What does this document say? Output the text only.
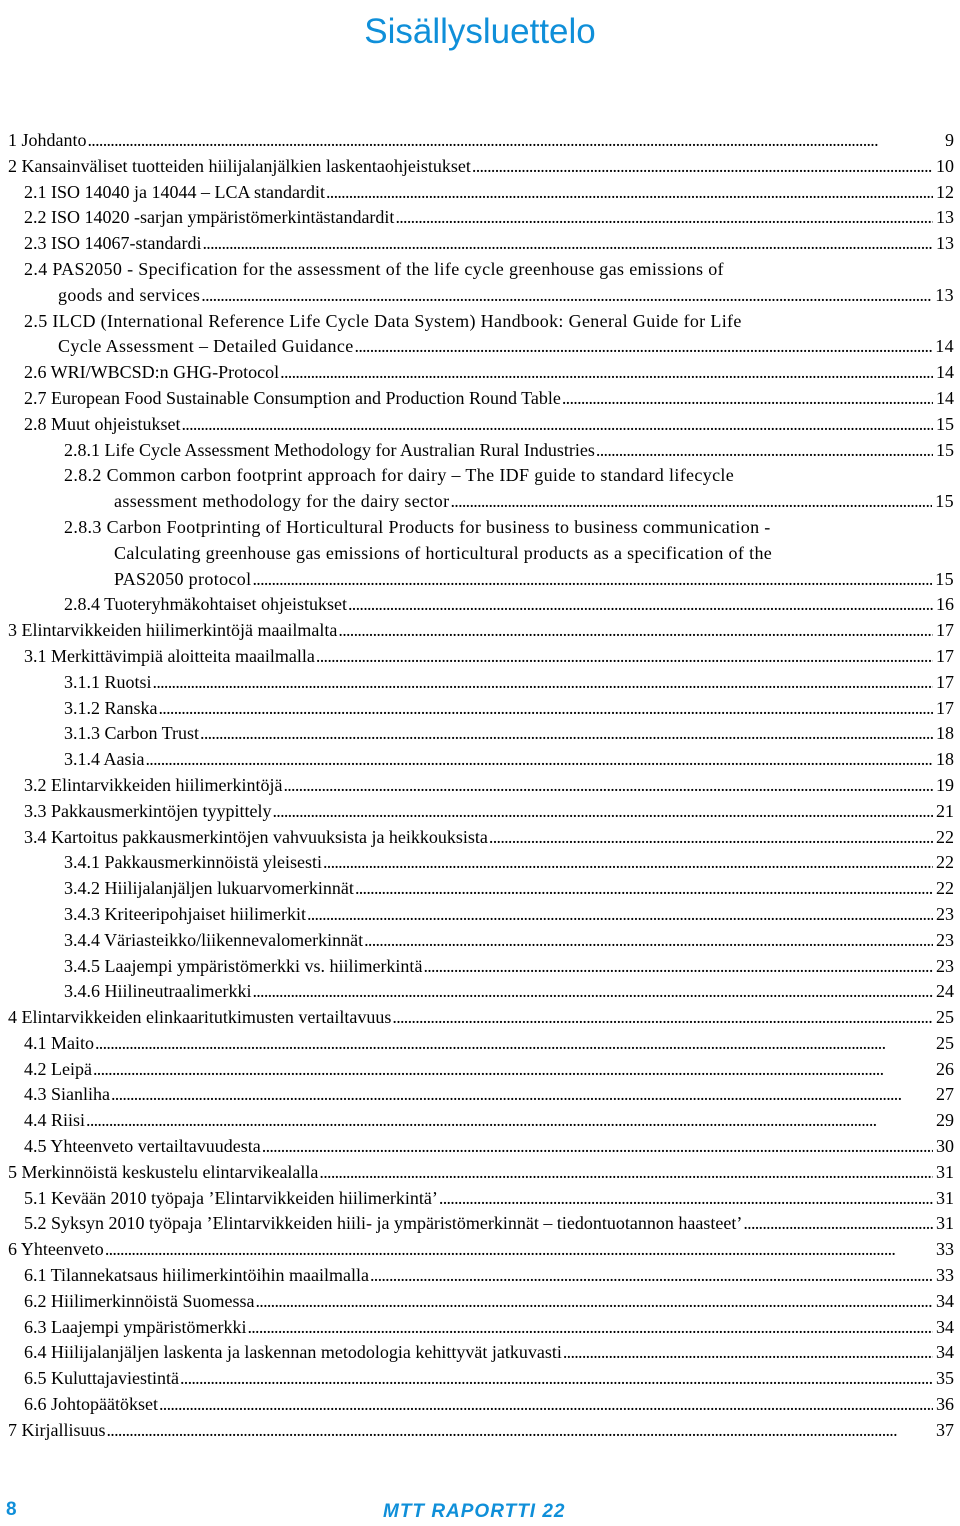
Sisällysluettelo
1 Johdanto . . .	9
2 Kansainväliset tuotteiden hiilijalanjälkien laskentaohjeistukset . . .	10
2.1 ISO 14040 ja 14044 – LCA standardit . . .	12
2.2 ISO 14020 -sarjan ympäristömerkintästandardit . . .	13
2.3 ISO 14067-standardi . . .	13
2.4 PAS2050 - Specification for the assessment of the life cycle greenhouse gas emissions of
goods and services . . .	13
2.5 ILCD (International Reference Life Cycle Data System) Handbook: General Guide for Life
Cycle Assessment – Detailed Guidance . . .	14
2.6 WRI/WBCSD:n GHG-Protocol . . .	14
2.7 European Food Sustainable Consumption and Production Round Table . . .	14
2.8 Muut ohjeistukset . . .	15
2.8.1 Life Cycle Assessment Methodology for Australian Rural Industries . . .	15
2.8.2 Common carbon footprint approach for dairy – The IDF guide to standard lifecycle
assessment methodology for the dairy sector . . .	15
2.8.3 Carbon Footprinting of Horticultural Products for business to business communication -
Calculating greenhouse gas emissions of horticultural products as a specification of the
PAS2050 protocol . . .	15
2.8.4 Tuoteryhmäkohtaiset ohjeistukset . . .	16
3 Elintarvikkeiden hiilimerkintöjä maailmalta . . .	17
3.1 Merkittävimpiä aloitteita maailmalla . . .	17
3.1.1 Ruotsi . . .	17
3.1.2 Ranska . . .	17
3.1.3 Carbon Trust . . .	18
3.1.4 Aasia . . .	18
3.2 Elintarvikkeiden hiilimerkintöjä . . .	19
3.3 Pakkausmerkintöjen tyypittely . . .	21
3.4 Kartoitus pakkausmerkintöjen vahvuuksista ja heikkouksista . . .	22
3.4.1 Pakkausmerkinnöistä yleisesti . . .	22
3.4.2 Hiilijalanjäljen lukuarvomerkinnät . . .	22
3.4.3 Kriteeripohjaiset hiilimerkit . . .	23
3.4.4 Väriasteikko/liikennevalomerkinnät . . .	23
3.4.5 Laajempi ympäristömerkki vs. hiilimerkintä . . .	23
3.4.6 Hiilineutraalimerkki . . .	24
4 Elintarvikkeiden elinkaaritutkimusten vertailtavuus . . .	25
4.1 Maito . . .	25
4.2 Leipä . . .	26
4.3 Sianliha . . .	27
4.4 Riisi . . .	29
4.5 Yhteenveto vertailtavuudesta . . .	30
5 Merkinnöistä keskustelu elintarvikealalla . . .	31
5.1 Kevään 2010 työpaja ’Elintarvikkeiden hiilimerkintä’ . . .	31
5.2 Syksyn 2010 työpaja ’Elintarvikkeiden hiili- ja ympäristömerkinnät – tiedontuotannon haasteet’ . . .	31
6 Yhteenveto . . .	33
6.1 Tilannekatsaus hiilimerkintöihin maailmalla . . .	33
6.2 Hiilimerkinnöistä Suomessa . . .	34
6.3 Laajempi ympäristömerkki . . .	34
6.4 Hiilijalanjäljen laskenta ja laskennan metodologia kehittyvät jatkuvasti . . .	34
6.5 Kuluttajaviestintä . . .	35
6.6 Johtopäätökset . . .	36
7 Kirjallisuus . . .	37
8	MTT RAPORTTI 22
